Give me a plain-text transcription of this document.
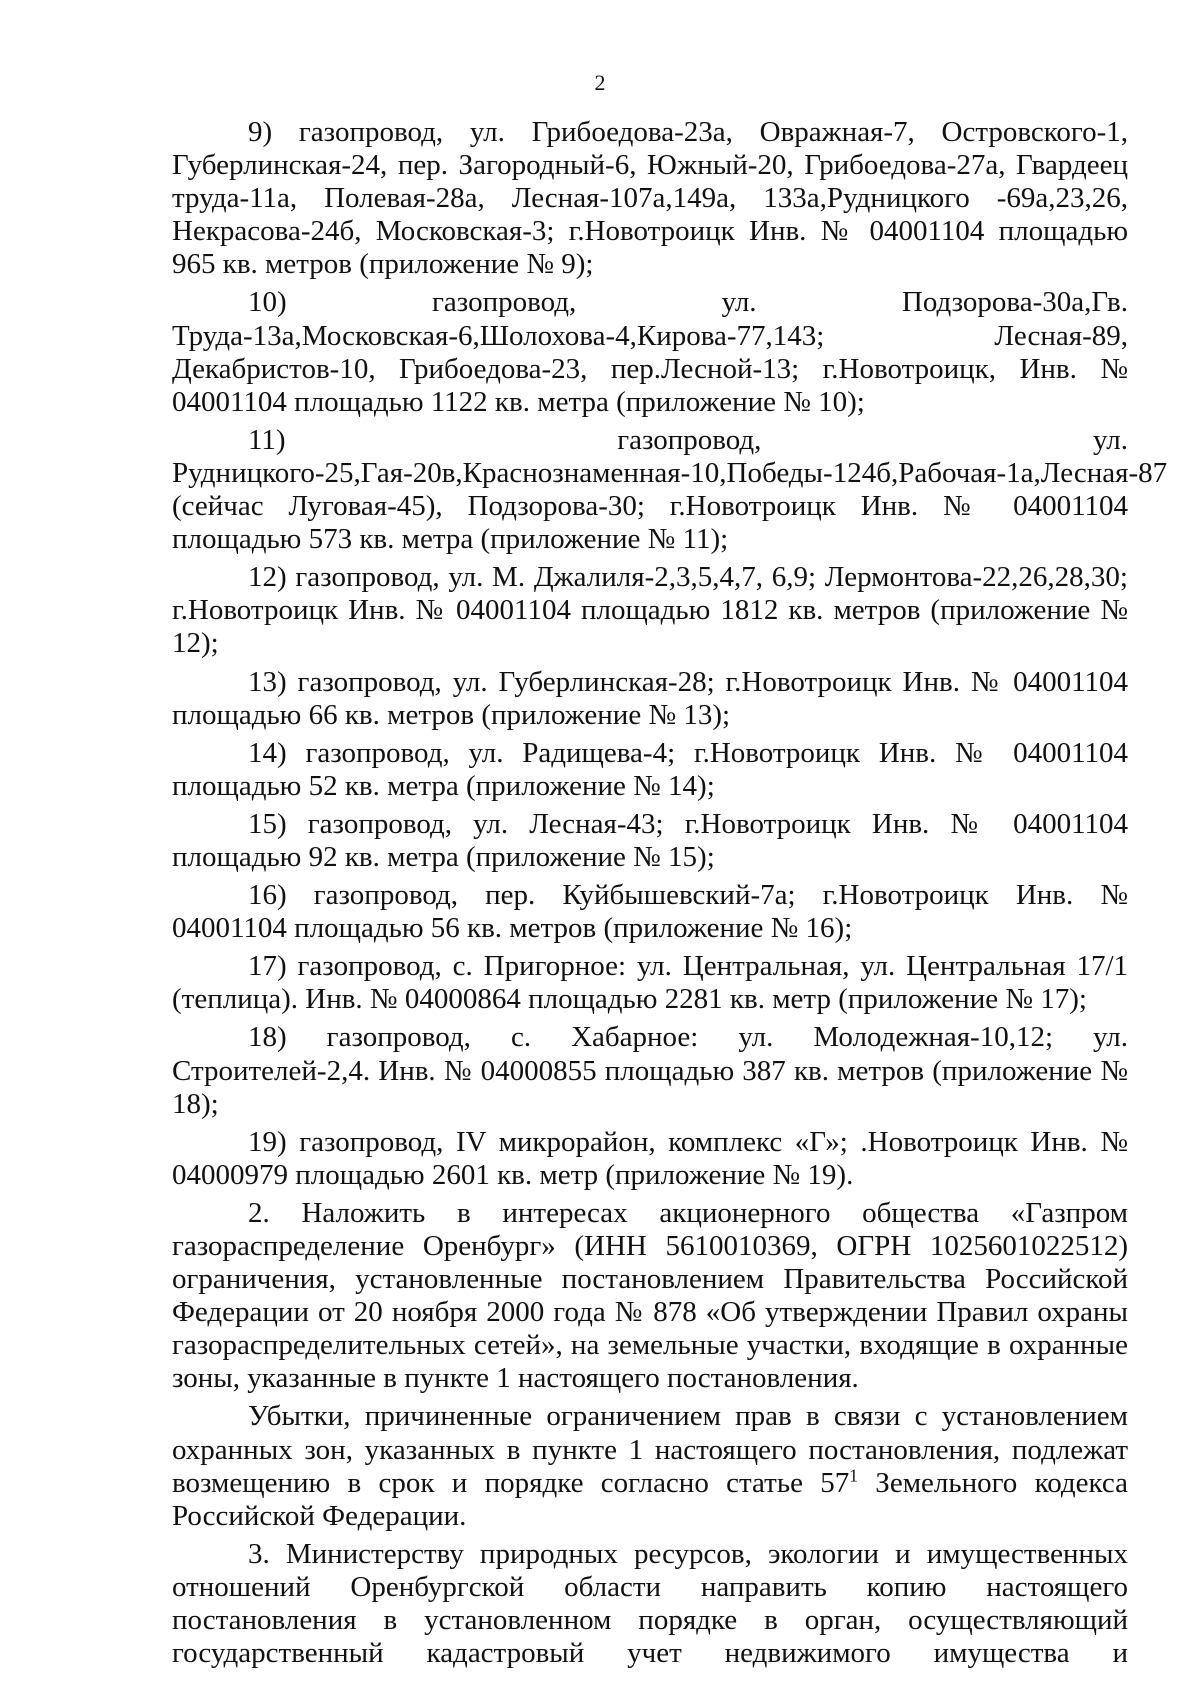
2

9) газопровод, ул. Грибоедова-23а, Овражная-7, Островского-1, Губерлинская-24, пер. Загородный-6, Южный-20, Грибоедова-27а, Гвардеец труда-11а, Полевая-28а, Лесная-107а,149а, 133а,Рудницкого -69а,23,26, Некрасова-24б, Московская-3; г.Новотроицк Инв. № 04001104 площадью 965 кв. метров (приложение № 9);

10) газопровод, ул. Подзорова-30а,Гв. Труда-13а,Московская-6,Шолохова-4,Кирова-77,143; Лесная-89, Декабристов-10, Грибоедова-23, пер.Лесной-13; г.Новотроицк, Инв. № 04001104 площадью 1122 кв. метра (приложение № 10);

11) газопровод, ул. Рудницкого-25,Гая-20в,Краснознаменная-10,Победы-124б,Рабочая-1а,Лесная-87 (сейчас Луговая-45), Подзорова-30; г.Новотроицк Инв. № 04001104 площадью 573 кв. метра (приложение № 11);

12) газопровод, ул. М. Джалиля-2,3,5,4,7, 6,9; Лермонтова-22,26,28,30; г.Новотроицк Инв. № 04001104 площадью 1812 кв. метров (приложение № 12);

13) газопровод, ул. Губерлинская-28; г.Новотроицк Инв. № 04001104 площадью 66 кв. метров (приложение № 13);

14) газопровод, ул. Радищева-4; г.Новотроицк Инв. № 04001104 площадью 52 кв. метра (приложение № 14);

15) газопровод, ул. Лесная-43; г.Новотроицк Инв. № 04001104 площадью 92 кв. метра (приложение № 15);

16) газопровод, пер. Куйбышевский-7а; г.Новотроицк Инв. № 04001104 площадью 56 кв. метров (приложение № 16);

17) газопровод, с. Пригорное: ул. Центральная, ул. Центральная 17/1 (теплица). Инв. № 04000864 площадью 2281 кв. метр (приложение № 17);

18) газопровод, с. Хабарное: ул. Молодежная-10,12; ул. Строителей-2,4. Инв. № 04000855 площадью 387 кв. метров (приложение № 18);

19) газопровод, IV микрорайон, комплекс «Г»; .Новотроицк Инв. № 04000979 площадью 2601 кв. метр (приложение № 19).

2. Наложить в интересах акционерного общества «Газпром газораспределение Оренбург» (ИНН 5610010369, ОГРН 1025601022512) ограничения, установленные постановлением Правительства Российской Федерации от 20 ноября 2000 года № 878 «Об утверждении Правил охраны газораспределительных сетей», на земельные участки, входящие в охранные зоны, указанные в пункте 1 настоящего постановления.

Убытки, причиненные ограничением прав в связи с установлением охранных зон, указанных в пункте 1 настоящего постановления, подлежат возмещению в срок и порядке согласно статье $57^1$ Земельного кодекса Российской Федерации.

3. Министерству природных ресурсов, экологии и имущественных отношений Оренбургской области направить копию настоящего постановления в установленном порядке в орган, осуществляющий государственный кадастровый учет недвижимого имущества и
